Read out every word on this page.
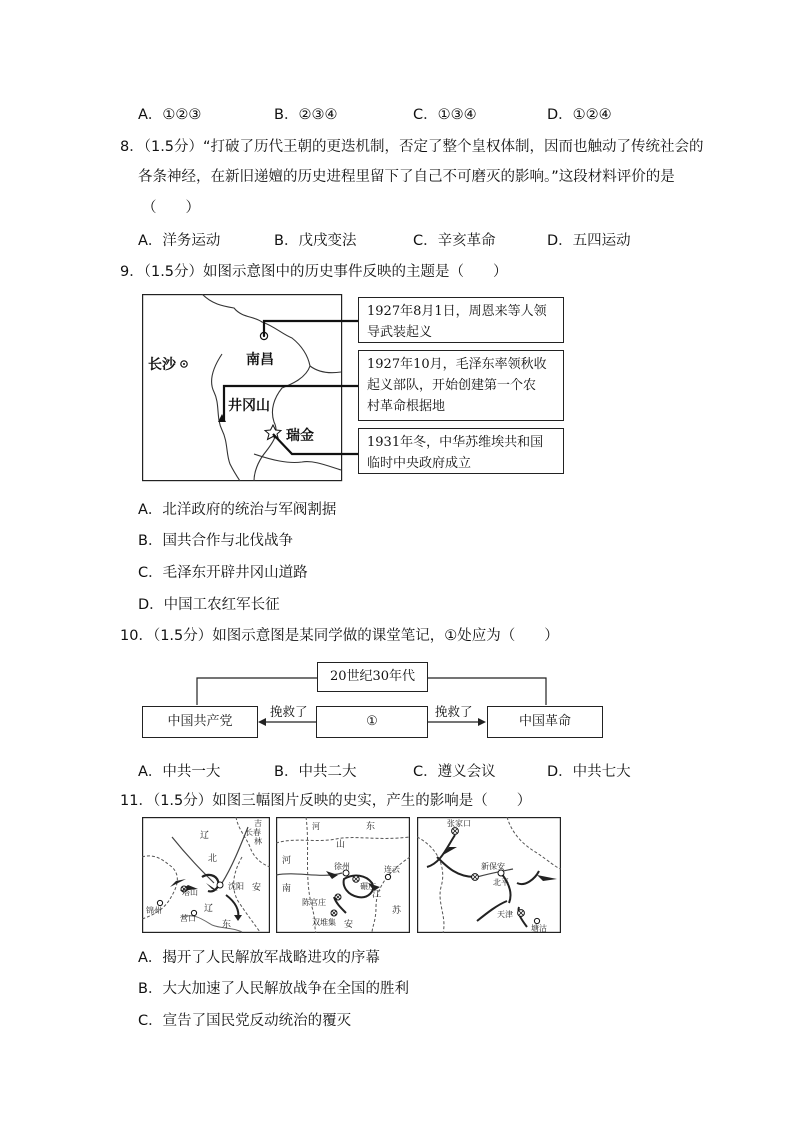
A．①②③	B．②③④	C．①③④	D．①②④
8．（1.5分）“打破了历代王朝的更迭机制，否定了整个皇权体制，因而也触动了传统社会的
各条神经，在新旧递嬗的历史进程里留下了自己不可磨灭的影响。”这段材料评价的是
（　　）
A．洋务运动	B．戊戌变法	C．辛亥革命	D．五四运动
9．（1.5分）如图示意图中的历史事件反映的主题是（　　）
长沙	南昌
井冈山
瑞金
1927年8月1日，周恩来等人领
导武装起义
1927年10月，毛泽东率领秋收
起义部队，开始创建第一个农
村革命根据地
1931年冬，中华苏维埃共和国
临时中央政府成立
A．北洋政府的统治与军阀割据
B．国共合作与北伐战争
C．毛泽东开辟井冈山道路
D．中国工农红军长征
10．（1.5分）如图示意图是某同学做的课堂笔记，①处应为（　　）
20世纪30年代
中国共产党	①	中国革命
挽救了	挽救了
A．中共一大	B．中共二大	C．遵义会议	D．中共七大
11．（1.5分）如图三幅图片反映的史实，产生的影响是（　　）
吉
长春
林
辽
北
安
锦州
塔山
沈阳
营口
辽
东
河
山
东
河
南
徐州
碾庄
连云
陈官庄
双堆集
江
安
苏
张家口
新保安
北平
天津
塘沽
A．揭开了人民解放军战略进攻的序幕
B．大大加速了人民解放战争在全国的胜利
C．宣告了国民党反动统治的覆灭
